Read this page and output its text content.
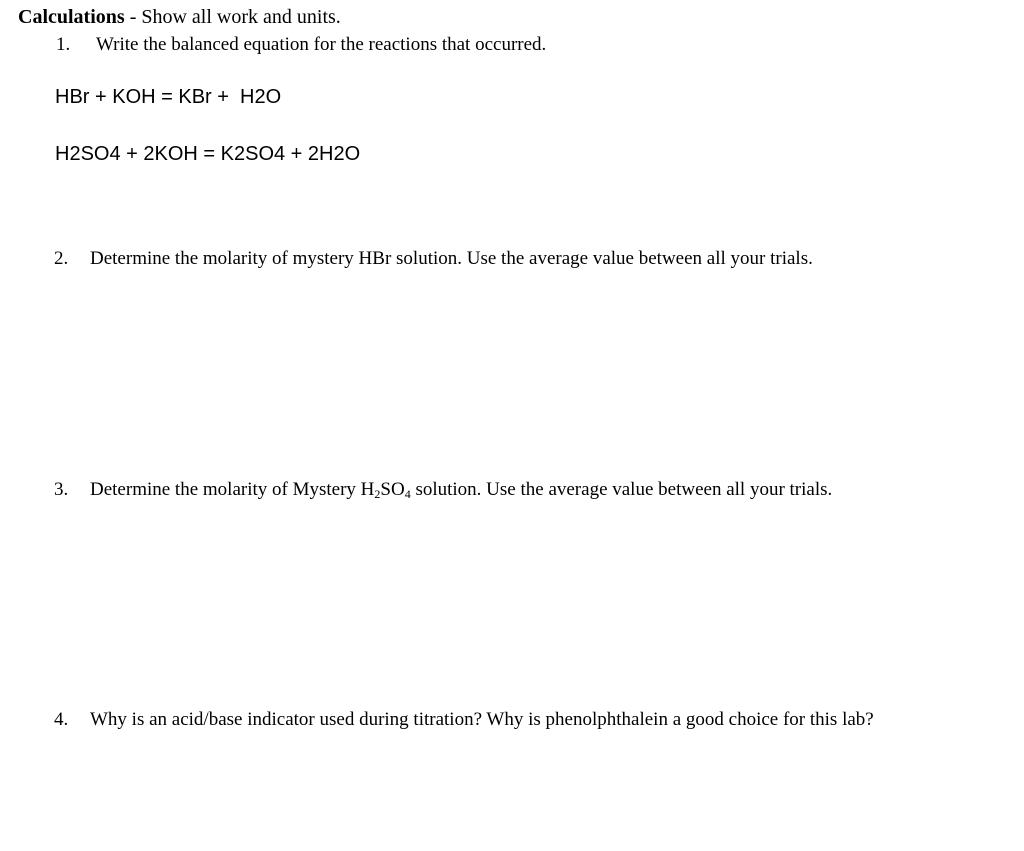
Calculations - Show all work and units.
1. Write the balanced equation for the reactions that occurred.
HBr + KOH = KBr +  H2O
H2SO4 + 2KOH = K2SO4 + 2H2O
2. Determine the molarity of mystery HBr solution. Use the average value between all your trials.
3. Determine the molarity of Mystery $H_2SO_4$ solution. Use the average value between all your trials.
4. Why is an acid/base indicator used during titration? Why is phenolphthalein a good choice for this lab?
